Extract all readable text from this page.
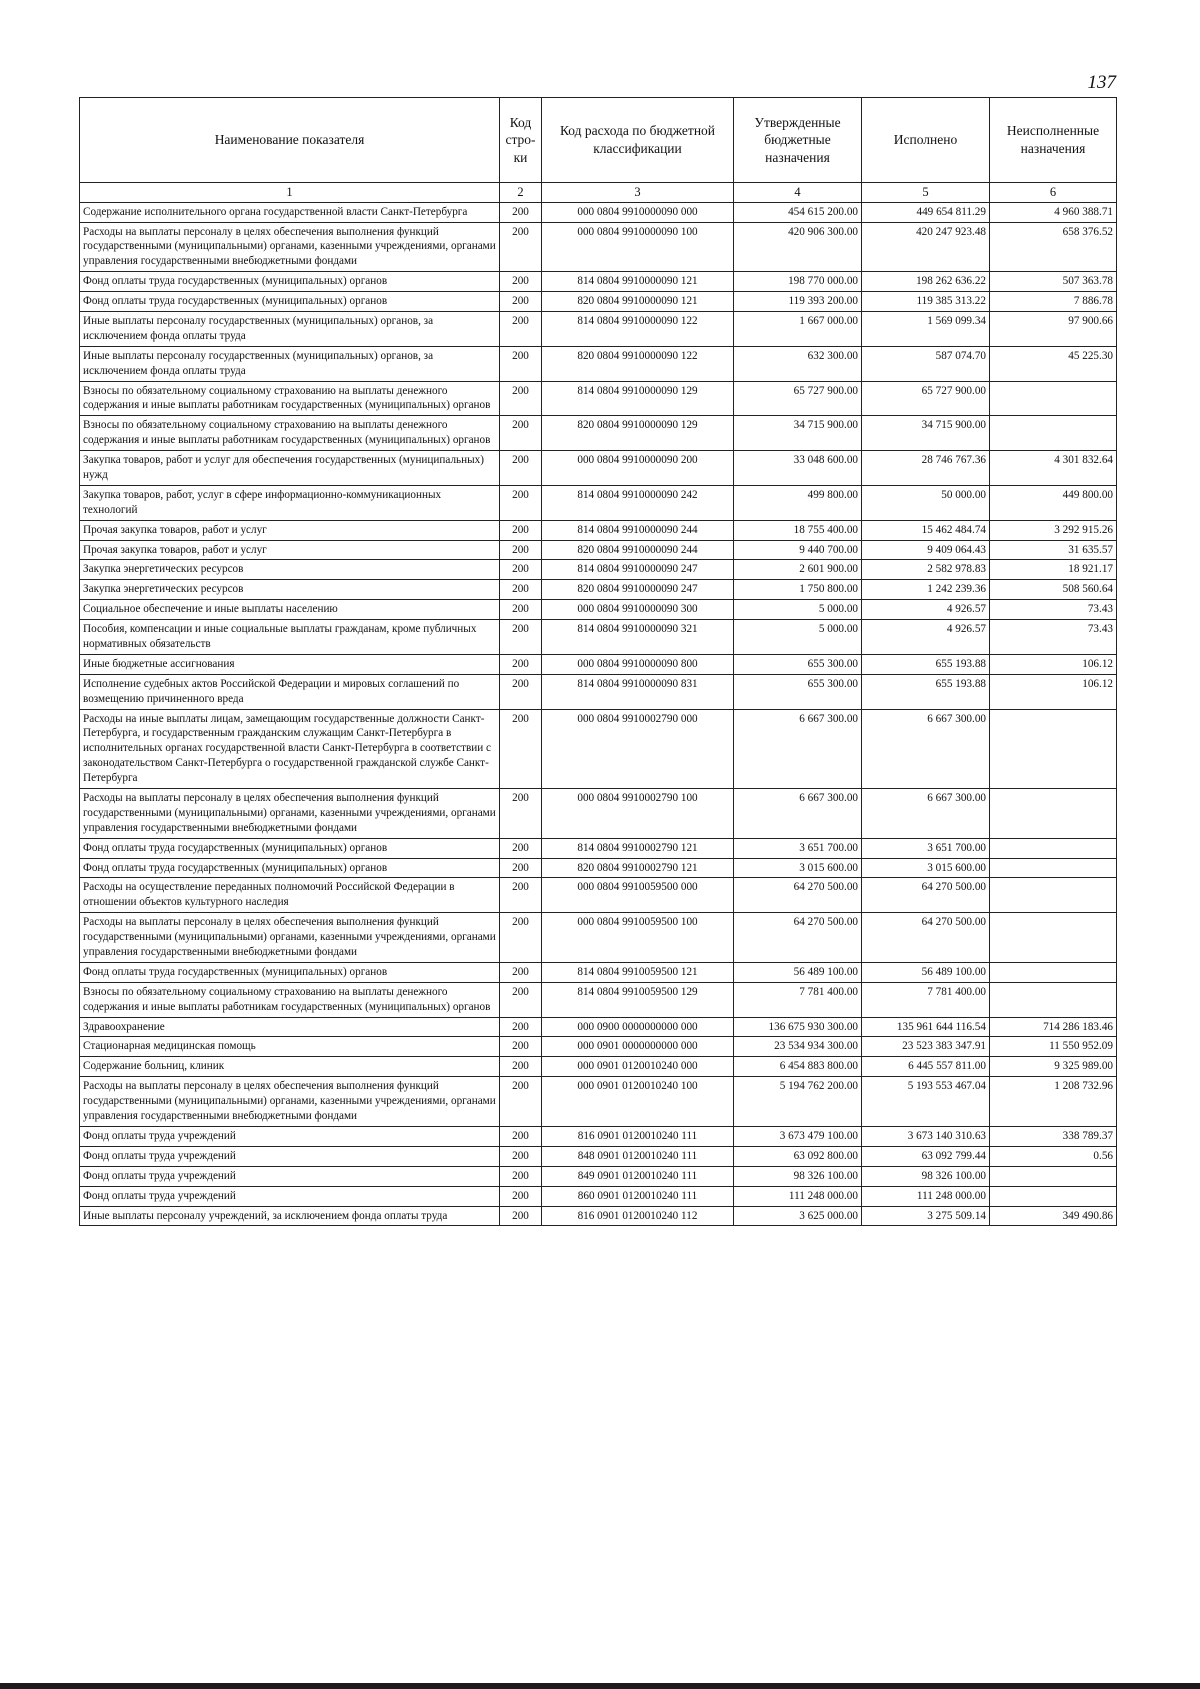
137
Наименование показателя	Код стро- ки	Код расхода по бюджетной классификации	Утвержденные бюджетные назначения	Исполнено	Неисполненные назначения
1	2	3	4	5	6
Содержание исполнительного органа государственной власти Санкт-Петербурга	200	000 0804 9910000090 000	454 615 200.00	449 654 811.29	4 960 388.71
Расходы на выплаты персоналу в целях обеспечения выполнения функций государственными (муниципальными) органами, казенными учреждениями, органами управления государственными внебюджетными фондами	200	000 0804 9910000090 100	420 906 300.00	420 247 923.48	658 376.52
Фонд оплаты труда государственных (муниципальных) органов	200	814 0804 9910000090 121	198 770 000.00	198 262 636.22	507 363.78
Фонд оплаты труда государственных (муниципальных) органов	200	820 0804 9910000090 121	119 393 200.00	119 385 313.22	7 886.78
Иные выплаты персоналу государственных (муниципальных) органов, за исключением фонда оплаты труда	200	814 0804 9910000090 122	1 667 000.00	1 569 099.34	97 900.66
Иные выплаты персоналу государственных (муниципальных) органов, за исключением фонда оплаты труда	200	820 0804 9910000090 122	632 300.00	587 074.70	45 225.30
Взносы по обязательному социальному страхованию на выплаты денежного содержания и иные выплаты работникам государственных (муниципальных) органов	200	814 0804 9910000090 129	65 727 900.00	65 727 900.00	
Взносы по обязательному социальному страхованию на выплаты денежного содержания и иные выплаты работникам государственных (муниципальных) органов	200	820 0804 9910000090 129	34 715 900.00	34 715 900.00	
Закупка товаров, работ и услуг для обеспечения государственных (муниципальных) нужд	200	000 0804 9910000090 200	33 048 600.00	28 746 767.36	4 301 832.64
Закупка товаров, работ, услуг в сфере информационно-коммуникационных технологий	200	814 0804 9910000090 242	499 800.00	50 000.00	449 800.00
Прочая закупка товаров, работ и услуг	200	814 0804 9910000090 244	18 755 400.00	15 462 484.74	3 292 915.26
Прочая закупка товаров, работ и услуг	200	820 0804 9910000090 244	9 440 700.00	9 409 064.43	31 635.57
Закупка энергетических ресурсов	200	814 0804 9910000090 247	2 601 900.00	2 582 978.83	18 921.17
Закупка энергетических ресурсов	200	820 0804 9910000090 247	1 750 800.00	1 242 239.36	508 560.64
Социальное обеспечение и иные выплаты населению	200	000 0804 9910000090 300	5 000.00	4 926.57	73.43
Пособия, компенсации и иные социальные выплаты гражданам, кроме публичных нормативных обязательств	200	814 0804 9910000090 321	5 000.00	4 926.57	73.43
Иные бюджетные ассигнования	200	000 0804 9910000090 800	655 300.00	655 193.88	106.12
Исполнение судебных актов Российской Федерации и мировых соглашений по возмещению причиненного вреда	200	814 0804 9910000090 831	655 300.00	655 193.88	106.12
Расходы на иные выплаты лицам, замещающим государственные должности Санкт-Петербурга, и государственным гражданским служащим Санкт-Петербурга в исполнительных органах государственной власти Санкт-Петербурга в соответствии с законодательством Санкт-Петербурга о государственной гражданской службе Санкт-Петербурга	200	000 0804 9910002790 000	6 667 300.00	6 667 300.00	
Расходы на выплаты персоналу в целях обеспечения выполнения функций государственными (муниципальными) органами, казенными учреждениями, органами управления государственными внебюджетными фондами	200	000 0804 9910002790 100	6 667 300.00	6 667 300.00	
Фонд оплаты труда государственных (муниципальных) органов	200	814 0804 9910002790 121	3 651 700.00	3 651 700.00	
Фонд оплаты труда государственных (муниципальных) органов	200	820 0804 9910002790 121	3 015 600.00	3 015 600.00	
Расходы на осуществление переданных полномочий Российской Федерации в отношении объектов культурного наследия	200	000 0804 9910059500 000	64 270 500.00	64 270 500.00	
Расходы на выплаты персоналу в целях обеспечения выполнения функций государственными (муниципальными) органами, казенными учреждениями, органами управления государственными внебюджетными фондами	200	000 0804 9910059500 100	64 270 500.00	64 270 500.00	
Фонд оплаты труда государственных (муниципальных) органов	200	814 0804 9910059500 121	56 489 100.00	56 489 100.00	
Взносы по обязательному социальному страхованию на выплаты денежного содержания и иные выплаты работникам государственных (муниципальных) органов	200	814 0804 9910059500 129	7 781 400.00	7 781 400.00	
Здравоохранение	200	000 0900 0000000000 000	136 675 930 300.00	135 961 644 116.54	714 286 183.46
Стационарная медицинская помощь	200	000 0901 0000000000 000	23 534 934 300.00	23 523 383 347.91	11 550 952.09
Содержание больниц, клиник	200	000 0901 0120010240 000	6 454 883 800.00	6 445 557 811.00	9 325 989.00
Расходы на выплаты персоналу в целях обеспечения выполнения функций государственными (муниципальными) органами, казенными учреждениями, органами управления государственными внебюджетными фондами	200	000 0901 0120010240 100	5 194 762 200.00	5 193 553 467.04	1 208 732.96
Фонд оплаты труда учреждений	200	816 0901 0120010240 111	3 673 479 100.00	3 673 140 310.63	338 789.37
Фонд оплаты труда учреждений	200	848 0901 0120010240 111	63 092 800.00	63 092 799.44	0.56
Фонд оплаты труда учреждений	200	849 0901 0120010240 111	98 326 100.00	98 326 100.00	
Фонд оплаты труда учреждений	200	860 0901 0120010240 111	111 248 000.00	111 248 000.00	
Иные выплаты персоналу учреждений, за исключением фонда оплаты труда	200	816 0901 0120010240 112	3 625 000.00	3 275 509.14	349 490.86
